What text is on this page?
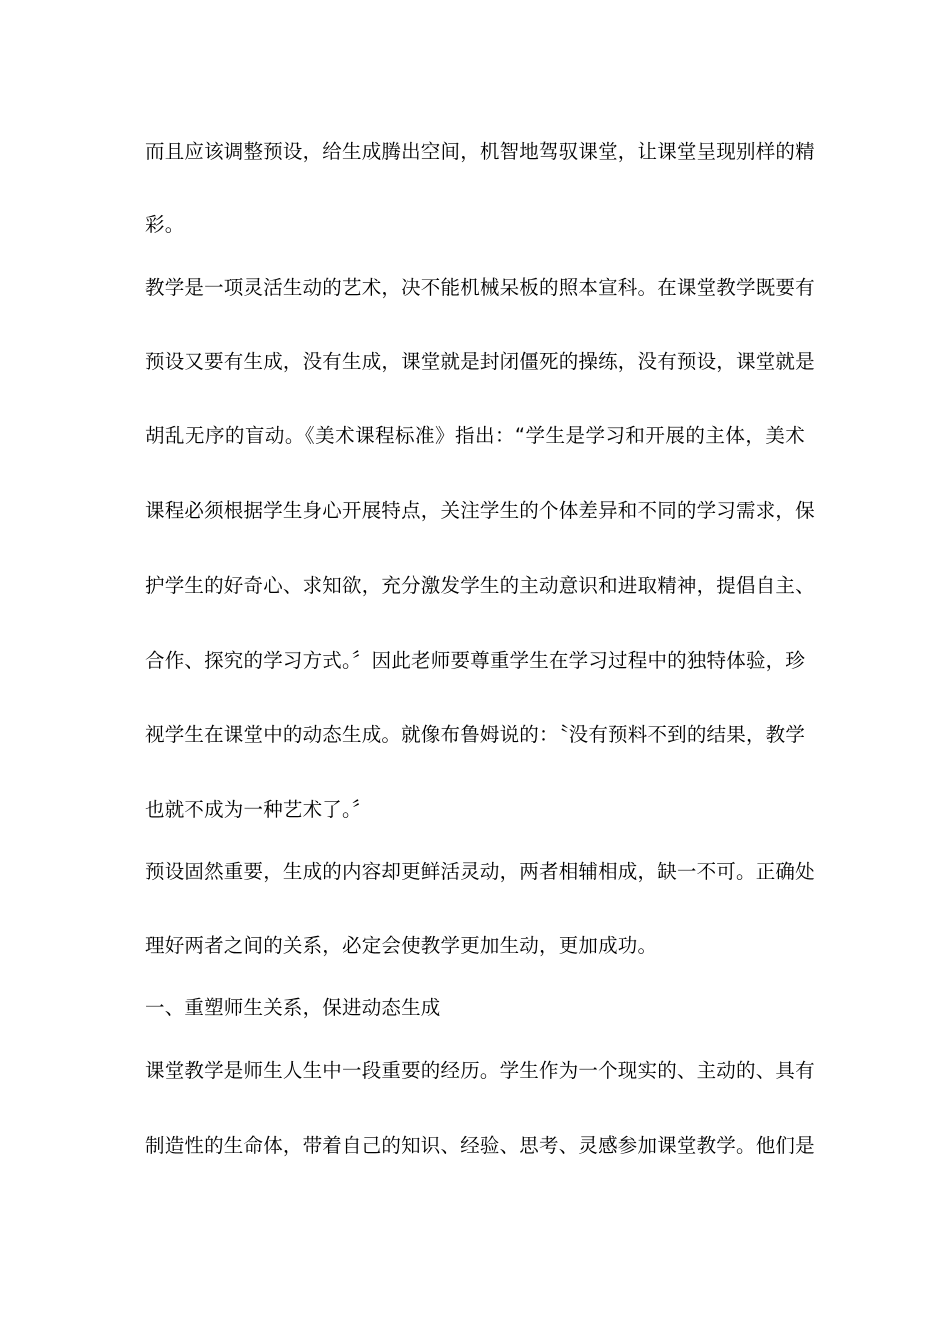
而且应该调整预设，给生成腾出空间，机智地驾驭课堂，让课堂呈现别样的精
彩。
教学是一项灵活生动的艺术，决不能机械呆板的照本宣科。在课堂教学既要有
预设又要有生成，没有生成，课堂就是封闭僵死的操练，没有预设，课堂就是
胡乱无序的盲动。《美术课程标准》指出：“学生是学习和开展的主体，美术
课程必须根据学生身心开展特点，关注学生的个体差异和不同的学习需求，保
护学生的好奇心、求知欲，充分激发学生的主动意识和进取精神，提倡自主、
合作、探究的学习方式。〞因此老师要尊重学生在学习过程中的独特体验，珍
视学生在课堂中的动态生成。就像布鲁姆说的：〝没有预料不到的结果，教学
也就不成为一种艺术了。〞
预设固然重要，生成的内容却更鲜活灵动，两者相辅相成，缺一不可。正确处
理好两者之间的关系，必定会使教学更加生动，更加成功。
一、重塑师生关系，保进动态生成
课堂教学是师生人生中一段重要的经历。学生作为一个现实的、主动的、具有
制造性的生命体，带着自己的知识、经验、思考、灵感参加课堂教学。他们是
